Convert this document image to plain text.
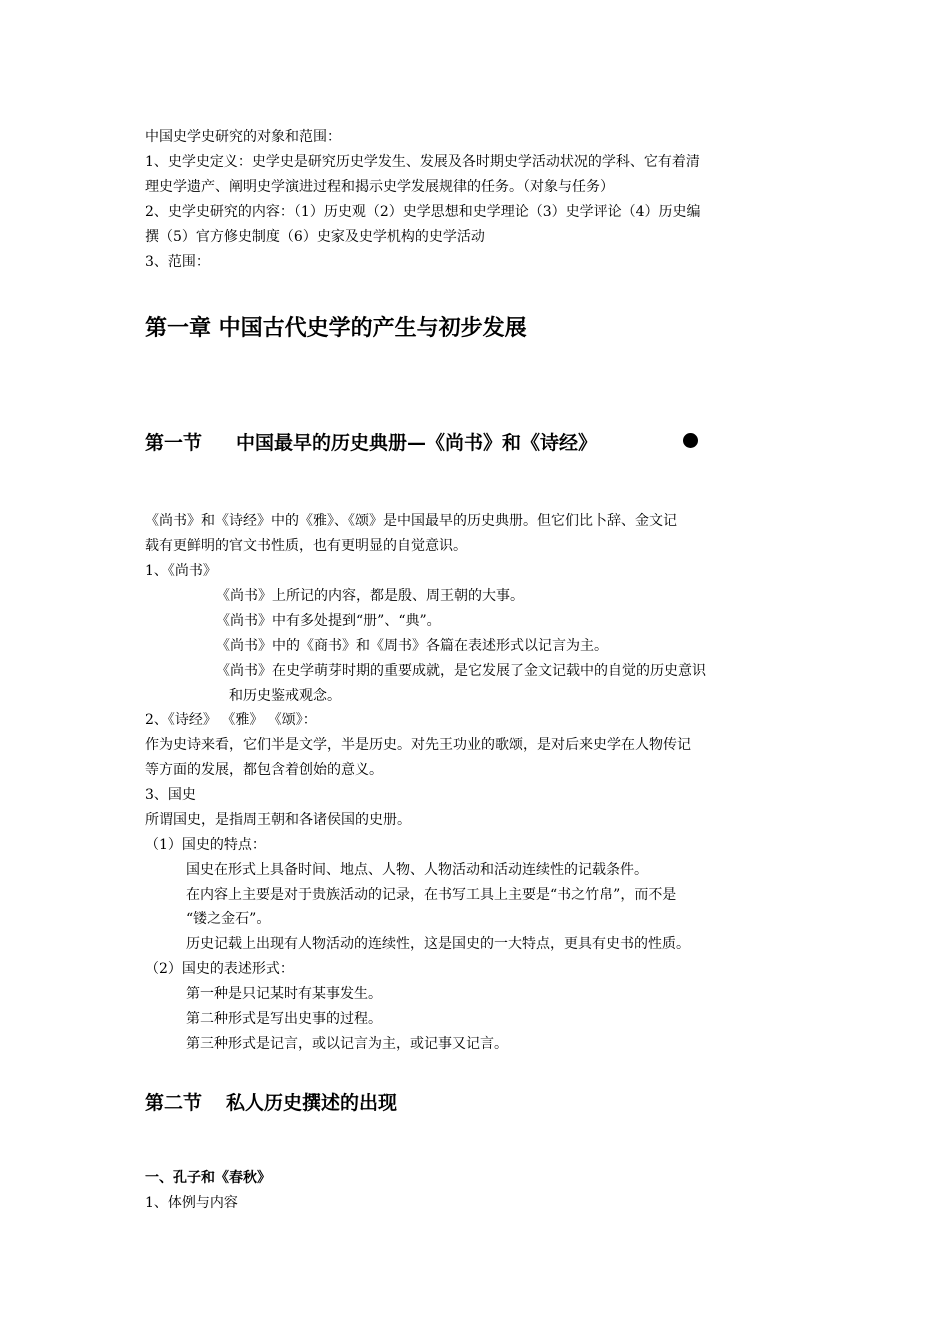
中国史学史研究的对象和范围：
1、史学史定义：史学史是研究历史学发生、发展及各时期史学活动状况的学科、它有着清
理史学遗产、阐明史学演进过程和揭示史学发展规律的任务。（对象与任务）
2、史学史研究的内容：（1）历史观（2）史学思想和史学理论（3）史学评论（4）历史编
撰（5）官方修史制度（6）史家及史学机构的史学活动
3、范围：
第一章 中国古代史学的产生与初步发展
第一节 中国最早的历史典册—《尚书》和《诗经》
《尚书》和《诗经》中的《雅》、《颂》是中国最早的历史典册。但它们比卜辞、金文记
载有更鲜明的官文书性质，也有更明显的自觉意识。
1、《尚书》
《尚书》上所记的内容，都是殷、周王朝的大事。
《尚书》中有多处提到“册”、“典”。
《尚书》中的《商书》和《周书》各篇在表述形式以记言为主。
《尚书》在史学萌芽时期的重要成就，是它发展了金文记载中的自觉的历史意识
和历史鉴戒观念。
2、《诗经》 《雅》 《颂》：
作为史诗来看，它们半是文学，半是历史。对先王功业的歌颂，是对后来史学在人物传记
等方面的发展，都包含着创始的意义。
3、国史
所谓国史，是指周王朝和各诸侯国的史册。
（1）国史的特点：
国史在形式上具备时间、地点、人物、人物活动和活动连续性的记载条件。
在内容上主要是对于贵族活动的记录，在书写工具上主要是“书之竹帛”，而不是
“镂之金石”。
历史记载上出现有人物活动的连续性，这是国史的一大特点，更具有史书的性质。
（2）国史的表述形式：
第一种是只记某时有某事发生。
第二种形式是写出史事的过程。
第三种形式是记言，或以记言为主，或记事又记言。
第二节 私人历史撰述的出现
一、孔子和《春秋》
1、体例与内容
